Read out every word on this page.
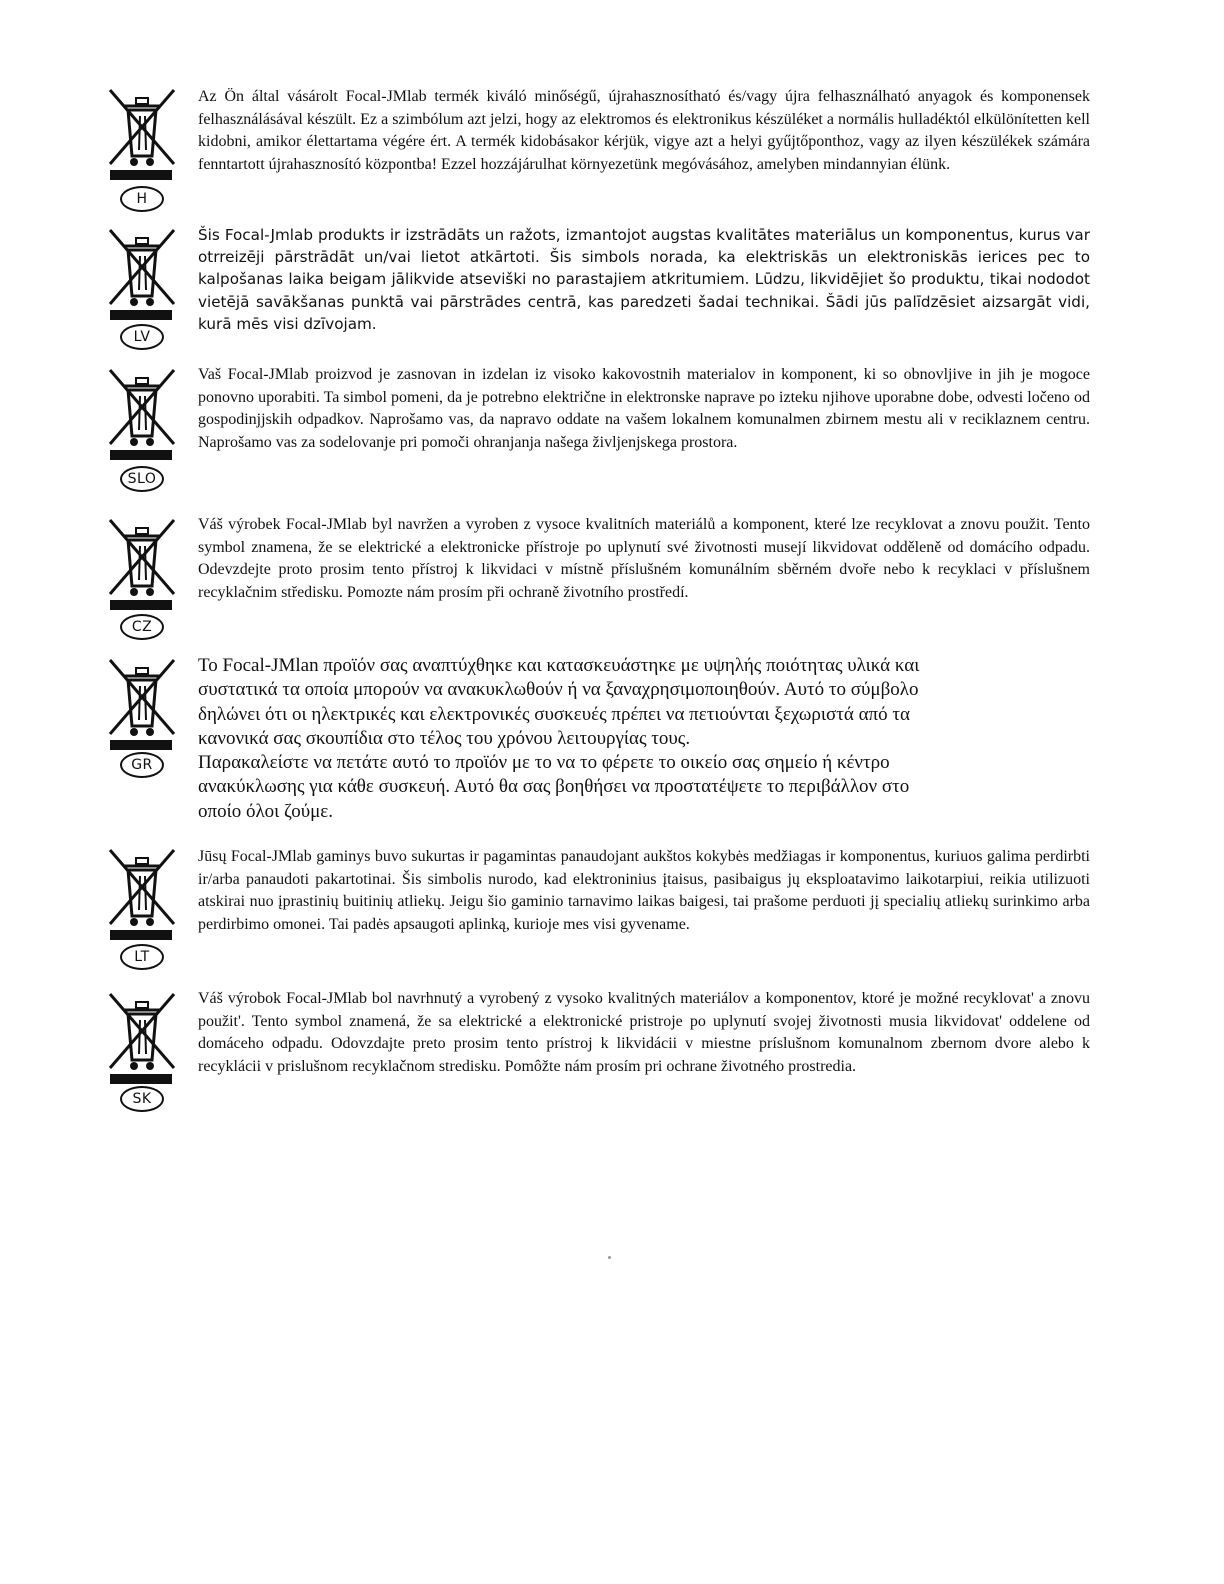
H

Az Ön által vásárolt Focal-JMlab termék kiváló minőségű, újrahasznosítható és/vagy újra felhasználható anyagok és komponensek felhasználásával készült. Ez a szimbólum azt jelzi, hogy az elektromos és elektronikus készüléket a normális hulladéktól elkülönítetten kell kidobni, amikor élettartama végére ért. A termék kidobásakor kérjük, vigye azt a helyi gyűjtőponthoz, vagy az ilyen készülékek számára fenntartott újrahasznosító központba! Ezzel hozzájárulhat környezetünk megóvásához, amelyben mindannyian élünk.

LV

Šis Focal-Jmlab produkts ir izstrādāts un ražots, izmantojot augstas kvalitātes materiālus un komponentus, kurus var otrreizēji pārstrādāt un/vai lietot atkārtoti. Šis simbols norada, ka elektriskās un elektroniskās ierices pec to kalpošanas laika beigam jālikvide atseviški no parastajiem atkritumiem. Lūdzu, likvidējiet šo produktu, tikai nododot vietējā savākšanas punktā vai pārstrādes centrā, kas paredzeti šadai technikai. Šādi jūs palīdzēsiet aizsargāt vidi, kurā mēs visi dzīvojam.

SLO

Vaš Focal-JMlab proizvod je zasnovan in izdelan iz visoko kakovostnih materialov in komponent, ki so obnovljive in jih je mogoce ponovno uporabiti. Ta simbol pomeni, da je potrebno električne in elektronske naprave po izteku njihove uporabne dobe, odvesti ločeno od gospodinjjskih odpadkov. Naprošamo vas, da napravo oddate na vašem lokalnem komunalmen zbirnem mestu ali v reciklaznem centru. Naprošamo vas za sodelovanje pri pomoči ohranjanja našega življenjskega prostora.

CZ

Váš výrobek Focal-JMlab byl navržen a vyroben z vysoce kvalitních materiálů a komponent, které lze recyklovat a znovu použit. Tento symbol znamena, že se elektrické a elektronicke přístroje po uplynutí své životnosti musejí likvidovat odděleně od domácího odpadu. Odevzdejte proto prosim tento přístroj k likvidaci v místně příslušném komunálním sběrném dvoře nebo k recyklaci v příslušnem recyklačnim středisku. Pomozte nám prosím při ochraně životního prostředí.

GR
To Focal-JMlan προϊόν σας αναπτύχθηκε και κατασκευάστηκε με υψηλής ποιότητας υλικά και
συστατικά τα οποία μπορούν να ανακυκλωθούν ή να ξαναχρησιμοποιηθούν. Αυτό το σύμβολο
δηλώνει ότι οι ηλεκτρικές και ελεκτρονικές συσκευές πρέπει να πετιούνται ξεχωριστά από τα
κανονικά σας σκουπίδια στο τέλος του χρόνου λειτουργίας τους.
Παρακαλείστε να πετάτε αυτό το προϊόν με το να το φέρετε το οικείο σας σημείο ή κέντρο
ανακύκλωσης για κάθε συσκευή. Αυτό θα σας βοηθήσει να προστατέψετε το περιβάλλον στο
οποίο όλοι ζούμε.
LT

Jūsų Focal-JMlab gaminys buvo sukurtas ir pagamintas panaudojant aukštos kokybės medžiagas ir komponentus, kuriuos galima perdirbti ir/arba panaudoti pakartotinai. Šis simbolis nurodo, kad elektroninius įtaisus, pasibaigus jų eksploatavimo laikotarpiui, reikia utilizuoti atskirai nuo įprastinių buitinių atliekų. Jeigu šio gaminio tarnavimo laikas baigesi, tai prašome perduoti jį specialių atliekų surinkimo arba perdirbimo omonei. Tai padės apsaugoti aplinką, kurioje mes visi gyvename.

SK

Váš výrobok Focal-JMlab bol navrhnutý a vyrobený z vysoko kvalitných materiálov a komponentov, ktoré je možné recyklovat' a znovu použit'. Tento symbol znamená, že sa elektrické a elektronické pristroje po uplynutí svojej životnosti musia likvidovat' oddelene od domáceho odpadu. Odovzdajte preto prosim tento prístroj k likvidácii v miestne príslušnom komunalnom zbernom dvore alebo k recyklácii v prislušnom recyklačnom stredisku. Pomôžte nám prosím pri ochrane životného prostredia.
